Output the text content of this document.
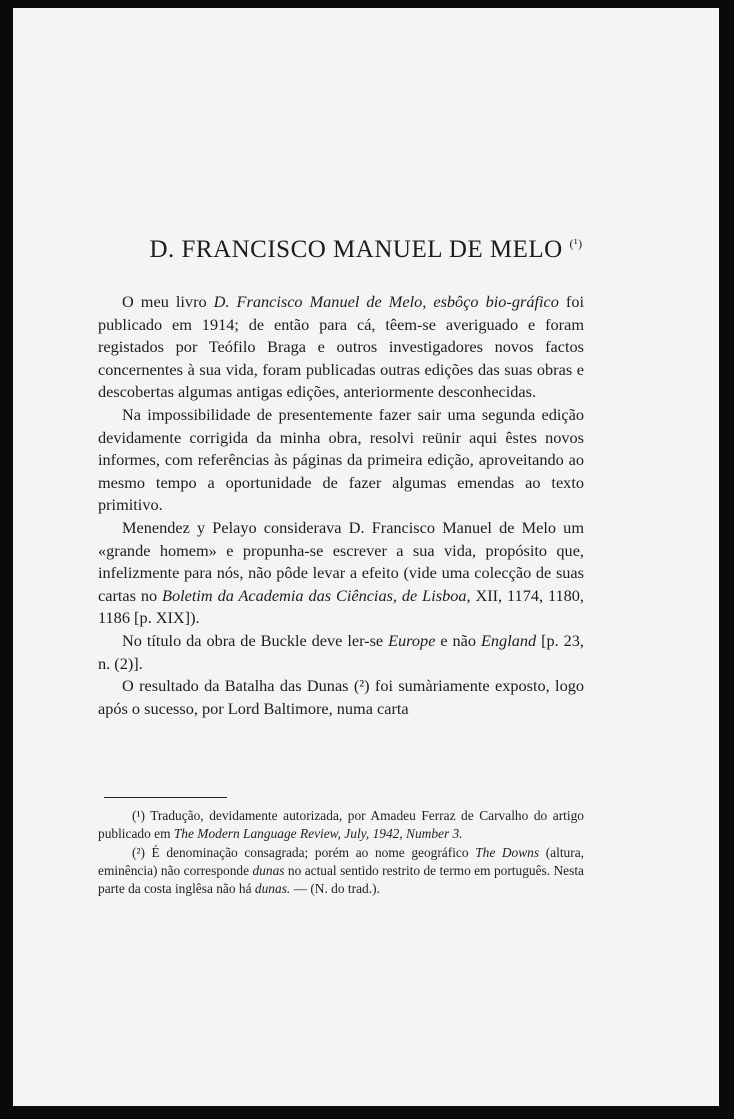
D. FRANCISCO MANUEL DE MELO $^{(^1)}$

O meu livro D. Francisco Manuel de Melo, esbôço bio-gráfico foi publicado em 1914; de então para cá, têem-se averiguado e foram registados por Teófilo Braga e outros investigadores novos factos concernentes à sua vida, foram publicadas outras edições das suas obras e descobertas algumas antigas edições, anteriormente desconhecidas.

Na impossibilidade de presentemente fazer sair uma segunda edição devidamente corrigida da minha obra, resolvi reünir aqui êstes novos informes, com referências às páginas da primeira edição, aproveitando ao mesmo tempo a oportunidade de fazer algumas emendas ao texto primitivo.

Menendez y Pelayo considerava D. Francisco Manuel de Melo um «grande homem» e propunha-se escrever a sua vida, propósito que, infelizmente para nós, não pôde levar a efeito (vide uma colecção de suas cartas no Boletim da Academia das Ciências, de Lisboa, XII, 1174, 1180, 1186 [p. XIX]).

No título da obra de Buckle deve ler-se Europe e não England [p. 23, n. (2)].

O resultado da Batalha das Dunas (²) foi sumàriamente exposto, logo após o sucesso, por Lord Baltimore, numa carta

(¹) Tradução, devidamente autorizada, por Amadeu Ferraz de Carvalho do artigo publicado em The Modern Language Review, July, 1942, Number 3.

(²) É denominação consagrada; porém ao nome geográfico The Downs (altura, eminência) não corresponde dunas no actual sentido restrito de termo em português. Nesta parte da costa inglêsa não há dunas. — (N. do trad.).
